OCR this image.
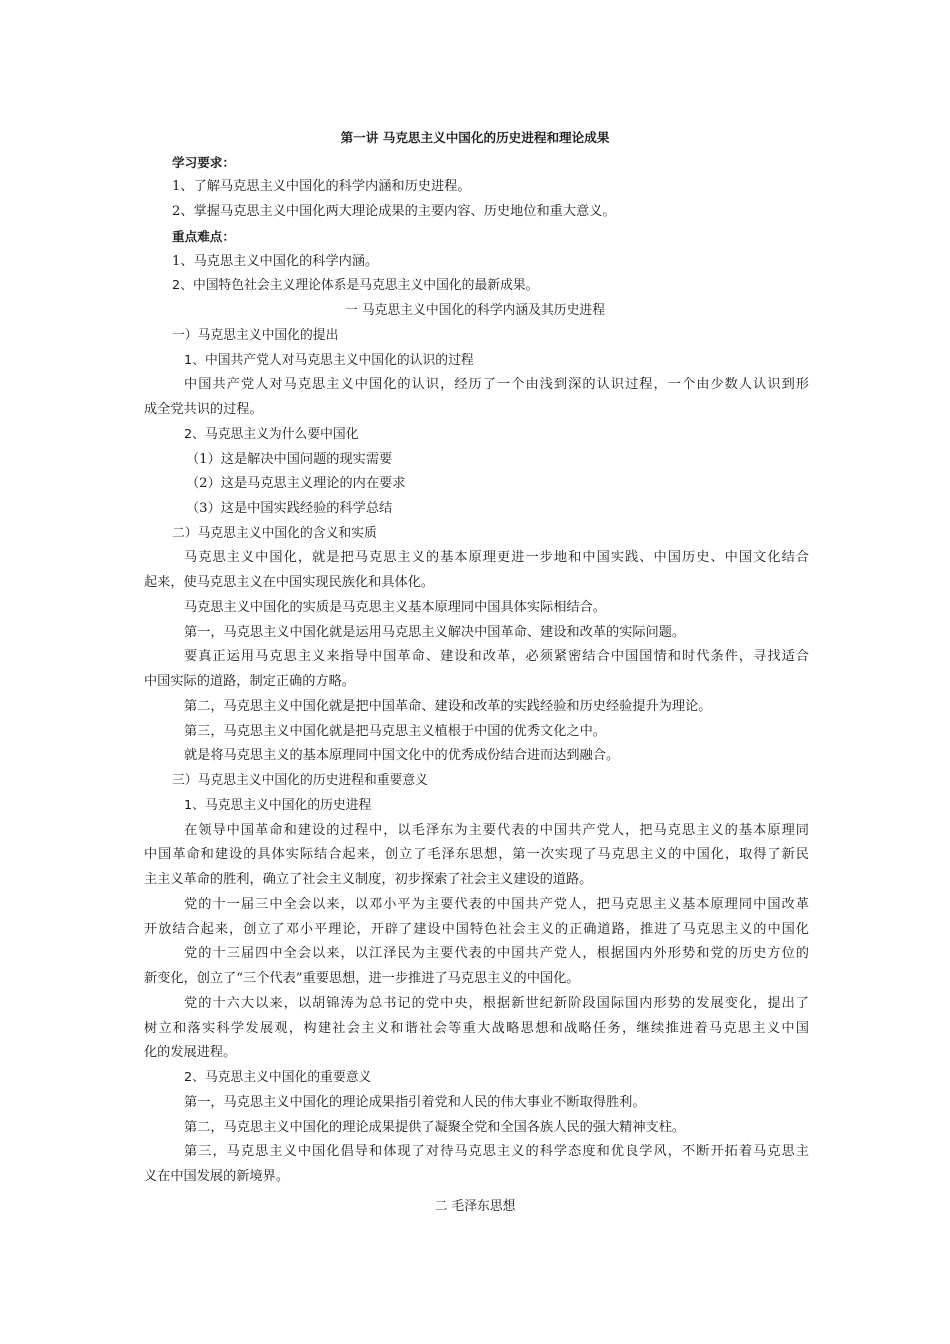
第一讲 马克思主义中国化的历史进程和理论成果
学习要求：
1、了解马克思主义中国化的科学内涵和历史进程。
2、掌握马克思主义中国化两大理论成果的主要内容、历史地位和重大意义。
重点难点：
1、马克思主义中国化的科学内涵。
2、中国特色社会主义理论体系是马克思主义中国化的最新成果。
一 马克思主义中国化的科学内涵及其历史进程
一）马克思主义中国化的提出
1、中国共产党人对马克思主义中国化的认识的过程
中国共产党人对马克思主义中国化的认识，经历了一个由浅到深的认识过程，一个由少数人认识到形
成全党共识的过程。
2、马克思主义为什么要中国化
（1）这是解决中国问题的现实需要
（2）这是马克思主义理论的内在要求
（3）这是中国实践经验的科学总结
二）马克思主义中国化的含义和实质
马克思主义中国化，就是把马克思主义的基本原理更进一步地和中国实践、中国历史、中国文化结合
起来，使马克思主义在中国实现民族化和具体化。
马克思主义中国化的实质是马克思主义基本原理同中国具体实际相结合。
第一，马克思主义中国化就是运用马克思主义解决中国革命、建设和改革的实际问题。
要真正运用马克思主义来指导中国革命、建设和改革，必须紧密结合中国国情和时代条件，寻找适合
中国实际的道路，制定正确的方略。
第二，马克思主义中国化就是把中国革命、建设和改革的实践经验和历史经验提升为理论。
第三，马克思主义中国化就是把马克思主义植根于中国的优秀文化之中。
就是将马克思主义的基本原理同中国文化中的优秀成份结合进而达到融合。
三）马克思主义中国化的历史进程和重要意义
1、马克思主义中国化的历史进程
在领导中国革命和建设的过程中，以毛泽东为主要代表的中国共产党人，把马克思主义的基本原理同
中国革命和建设的具体实际结合起来，创立了毛泽东思想，第一次实现了马克思主义的中国化，取得了新民
主主义革命的胜利，确立了社会主义制度，初步探索了社会主义建设的道路。
党的十一届三中全会以来，以邓小平为主要代表的中国共产党人，把马克思主义基本原理同中国改革
开放结合起来，创立了邓小平理论，开辟了建设中国特色社会主义的正确道路，推进了马克思主义的中国化
党的十三届四中全会以来，以江泽民为主要代表的中国共产党人，根据国内外形势和党的历史方位的
新变化，创立了“三个代表”重要思想，进一步推进了马克思主义的中国化。
党的十六大以来，以胡锦涛为总书记的党中央，根据新世纪新阶段国际国内形势的发展变化，提出了
树立和落实科学发展观，构建社会主义和谐社会等重大战略思想和战略任务，继续推进着马克思主义中国
化的发展进程。
2、马克思主义中国化的重要意义
第一，马克思主义中国化的理论成果指引着党和人民的伟大事业不断取得胜利。
第二，马克思主义中国化的理论成果提供了凝聚全党和全国各族人民的强大精神支柱。
第三，马克思主义中国化倡导和体现了对待马克思主义的科学态度和优良学风，不断开拓着马克思主
义在中国发展的新境界。
二 毛泽东思想
